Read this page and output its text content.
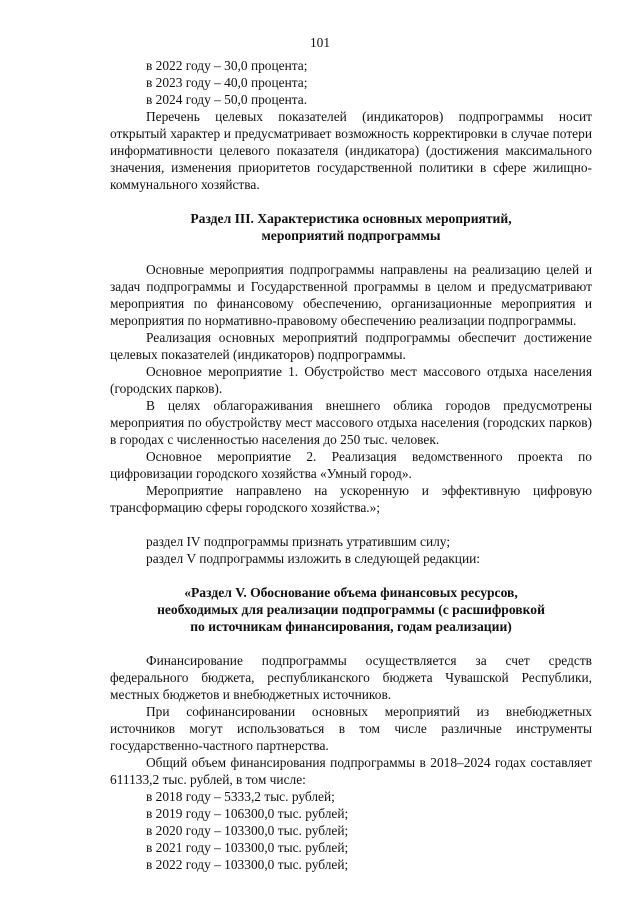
101

в 2022 году – 30,0 процента;

в 2023 году – 40,0 процента;

в 2024 году – 50,0 процента.

Перечень целевых показателей (индикаторов) подпрограммы носит открытый характер и предусматривает возможность корректировки в случае потери информативности целевого показателя (индикатора) (достижения максимального значения, изменения приоритетов государственной политики в сфере жилищно-коммунального хозяйства.

Раздел III. Характеристика основных мероприятий,
мероприятий подпрограммы

Основные мероприятия подпрограммы направлены на реализацию целей и задач подпрограммы и Государственной программы в целом и предусматривают мероприятия по финансовому обеспечению, организационные мероприятия и мероприятия по нормативно-правовому обеспечению реализации подпрограммы.

Реализация основных мероприятий подпрограммы обеспечит достижение целевых показателей (индикаторов) подпрограммы.

Основное мероприятие 1. Обустройство мест массового отдыха населения (городских парков).

В целях облагораживания внешнего облика городов предусмотрены мероприятия по обустройству мест массового отдыха населения (городских парков) в городах с численностью населения до 250 тыс. человек.

Основное мероприятие 2. Реализация ведомственного проекта по цифровизации городского хозяйства «Умный город».

Мероприятие направлено на ускоренную и эффективную цифровую трансформацию сферы городского хозяйства.»;

раздел IV подпрограммы признать утратившим силу;

раздел V подпрограммы изложить в следующей редакции:

«Раздел V. Обоснование объема финансовых ресурсов,
необходимых для реализации подпрограммы (с расшифровкой
по источникам финансирования, годам реализации)

Финансирование подпрограммы осуществляется за счет средств федерального бюджета, республиканского бюджета Чувашской Республики, местных бюджетов и внебюджетных источников.

При софинансировании основных мероприятий из внебюджетных источников могут использоваться в том числе различные инструменты государственно-частного партнерства.

Общий объем финансирования подпрограммы в 2018–2024 годах составляет 611133,2 тыс. рублей, в том числе:

в 2018 году – 5333,2 тыс. рублей;

в 2019 году – 106300,0 тыс. рублей;

в 2020 году – 103300,0 тыс. рублей;

в 2021 году – 103300,0 тыс. рублей;

в 2022 году – 103300,0 тыс. рублей;
